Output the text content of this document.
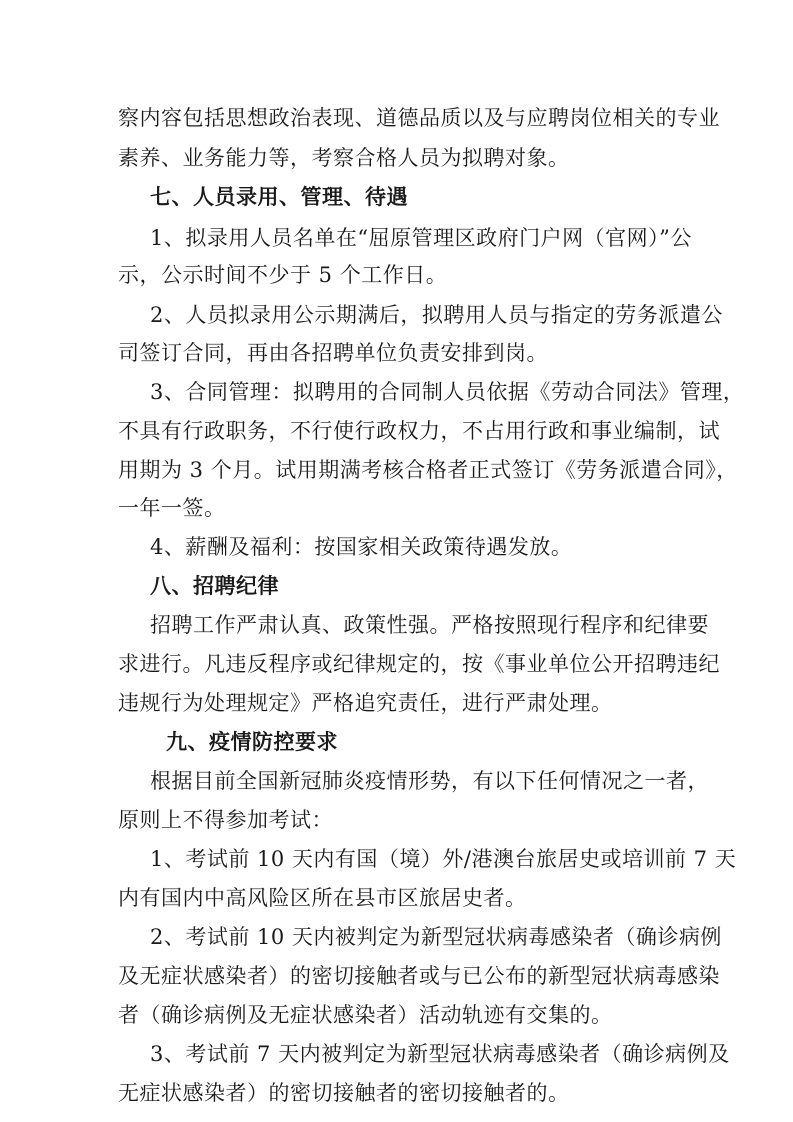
察内容包括思想政治表现、道德品质以及与应聘岗位相关的专业
素养、业务能力等，考察合格人员为拟聘对象。
七、人员录用、管理、待遇
1、拟录用人员名单在“屈原管理区政府门户网（官网）”公
示，公示时间不少于 5 个工作日。
2、人员拟录用公示期满后，拟聘用人员与指定的劳务派遣公
司签订合同，再由各招聘单位负责安排到岗。
3、合同管理：拟聘用的合同制人员依据《劳动合同法》管理，
不具有行政职务，不行使行政权力，不占用行政和事业编制，试
用期为 3 个月。试用期满考核合格者正式签订《劳务派遣合同》，
一年一签。
4、薪酬及福利：按国家相关政策待遇发放。
八、招聘纪律
招聘工作严肃认真、政策性强。严格按照现行程序和纪律要
求进行。凡违反程序或纪律规定的，按《事业单位公开招聘违纪
违规行为处理规定》严格追究责任，进行严肃处理。
九、疫情防控要求
根据目前全国新冠肺炎疫情形势，有以下任何情况之一者，
原则上不得参加考试：
1、考试前 10 天内有国（境）外/港澳台旅居史或培训前 7 天
内有国内中高风险区所在县市区旅居史者。
2、考试前 10 天内被判定为新型冠状病毒感染者（确诊病例
及无症状感染者）的密切接触者或与已公布的新型冠状病毒感染
者（确诊病例及无症状感染者）活动轨迹有交集的。
3、考试前 7 天内被判定为新型冠状病毒感染者（确诊病例及
无症状感染者）的密切接触者的密切接触者的。
